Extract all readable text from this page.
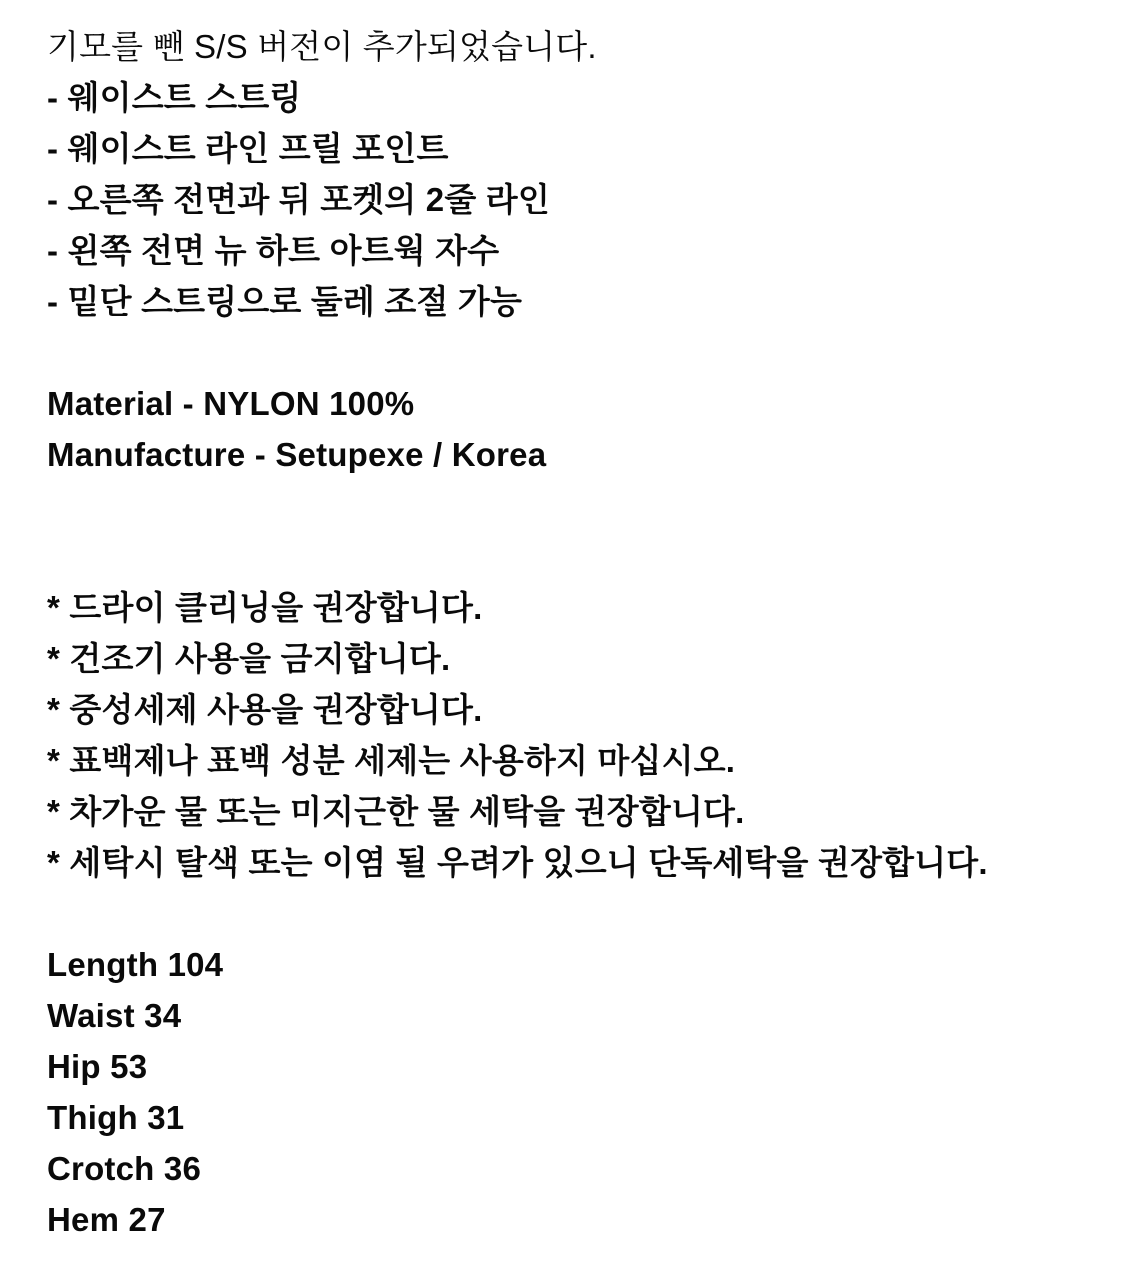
기모를 뺀 S/S 버전이 추가되었습니다.
- 웨이스트 스트링
- 웨이스트 라인 프릴 포인트
- 오른쪽 전면과 뒤 포켓의 2줄 라인
- 왼쪽 전면 뉴 하트 아트웍 자수
- 밑단 스트링으로 둘레 조절 가능
Material - NYLON 100%
Manufacture - Setupexe / Korea
* 드라이 클리닝을 권장합니다.
* 건조기 사용을 금지합니다.
* 중성세제 사용을 권장합니다.
* 표백제나 표백 성분 세제는 사용하지 마십시오.
* 차가운 물 또는 미지근한 물 세탁을 권장합니다.
* 세탁시 탈색 또는 이염 될 우려가 있으니 단독세탁을 권장합니다.
Length 104
Waist 34
Hip 53
Thigh 31
Crotch 36
Hem 27
